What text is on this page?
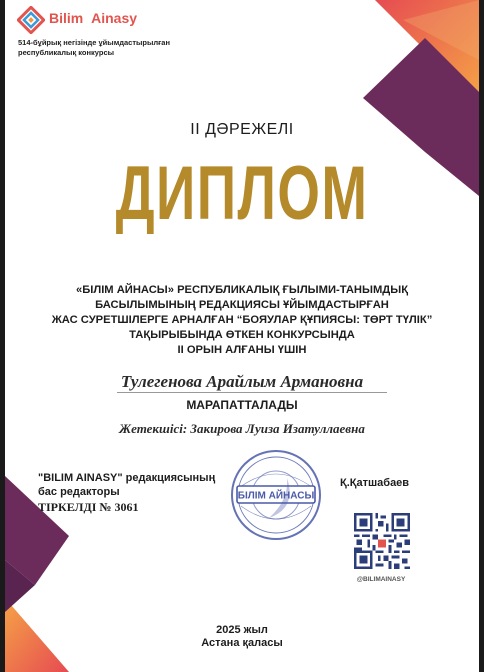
Bilim Ainasy
514-бұйрық негізінде ұйымдастырылған
республикалық конкурсы
II ДӘРЕЖЕЛІ
ДИПЛОМ
«БІЛІМ АЙНАСЫ» РЕСПУБЛИКАЛЫҚ ҒЫЛЫМИ-ТАНЫМДЫҚ
БАСЫЛЫМЫНЫҢ РЕДАКЦИЯСЫ ҰЙЫМДАСТЫРҒАН
ЖАС СУРЕТШІЛЕРГЕ АРНАЛҒАН “БОЯУЛАР ҚҰПИЯСЫ: ТӨРТ ТҮЛІК”
ТАҚЫРЫБЫНДА ӨТКЕН КОНКУРСЫНДА
II ОРЫН АЛҒАНЫ ҮШІН
Тулегенова Арайлым Армановна
МАРАПАТТАЛАДЫ
Жетекшісі: Закирова Луиза Изатуллаевна
"BILIM AINASY" редакциясының
бас редакторы
ТІРКЕЛДІ № 3061
БІЛІМ АЙНАСЫ
Қ.Қатшабаев
@BILIMAINASY
2025 жыл
Астана қаласы
